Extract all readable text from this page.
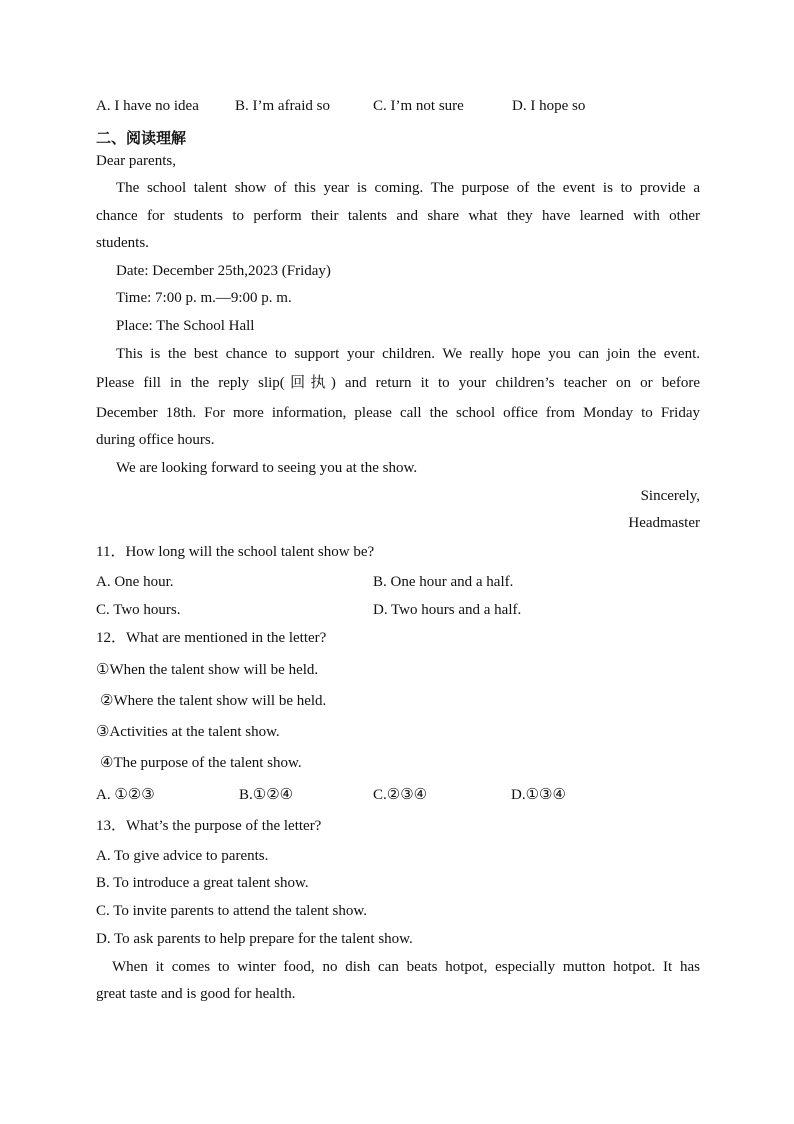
A. I have no idea B. I’m afraid so	C. I’m not sure	D. I hope so
二、阅读理解
Dear parents,
The school talent show of this year is coming. The purpose of the event is to provide a
chance for students to perform their talents and share what they have learned with other
students.
Date: December 25th,2023 (Friday)
Time: 7:00 p. m.—9:00 p. m.
Place: The School Hall
This is the best chance to support your children. We really hope you can join the event.
Please fill in the reply slip(回执) and return it to your children’s teacher on or before
December 18th. For more information, please call the school office from Monday to Friday
during office hours.
We are looking forward to seeing you at the show.
Sincerely,
Headmaster
11．How long will the school talent show be?
A. One hour.	B. One hour and a half.
C. Two hours.	D. Two hours and a half.
12．What are mentioned in the letter?
①When the talent show will be held.
②Where the talent show will be held.
③Activities at the talent show.
④The purpose of the talent show.
A. ①②③	B.①②④	C.②③④	D.①③④
13．What’s the purpose of the letter?
A. To give advice to parents.
B. To introduce a great talent show.
C. To invite parents to attend the talent show.
D. To ask parents to help prepare for the talent show.
When it comes to winter food, no dish can beats hotpot, especially mutton hotpot. It has
great taste and is good for health.
